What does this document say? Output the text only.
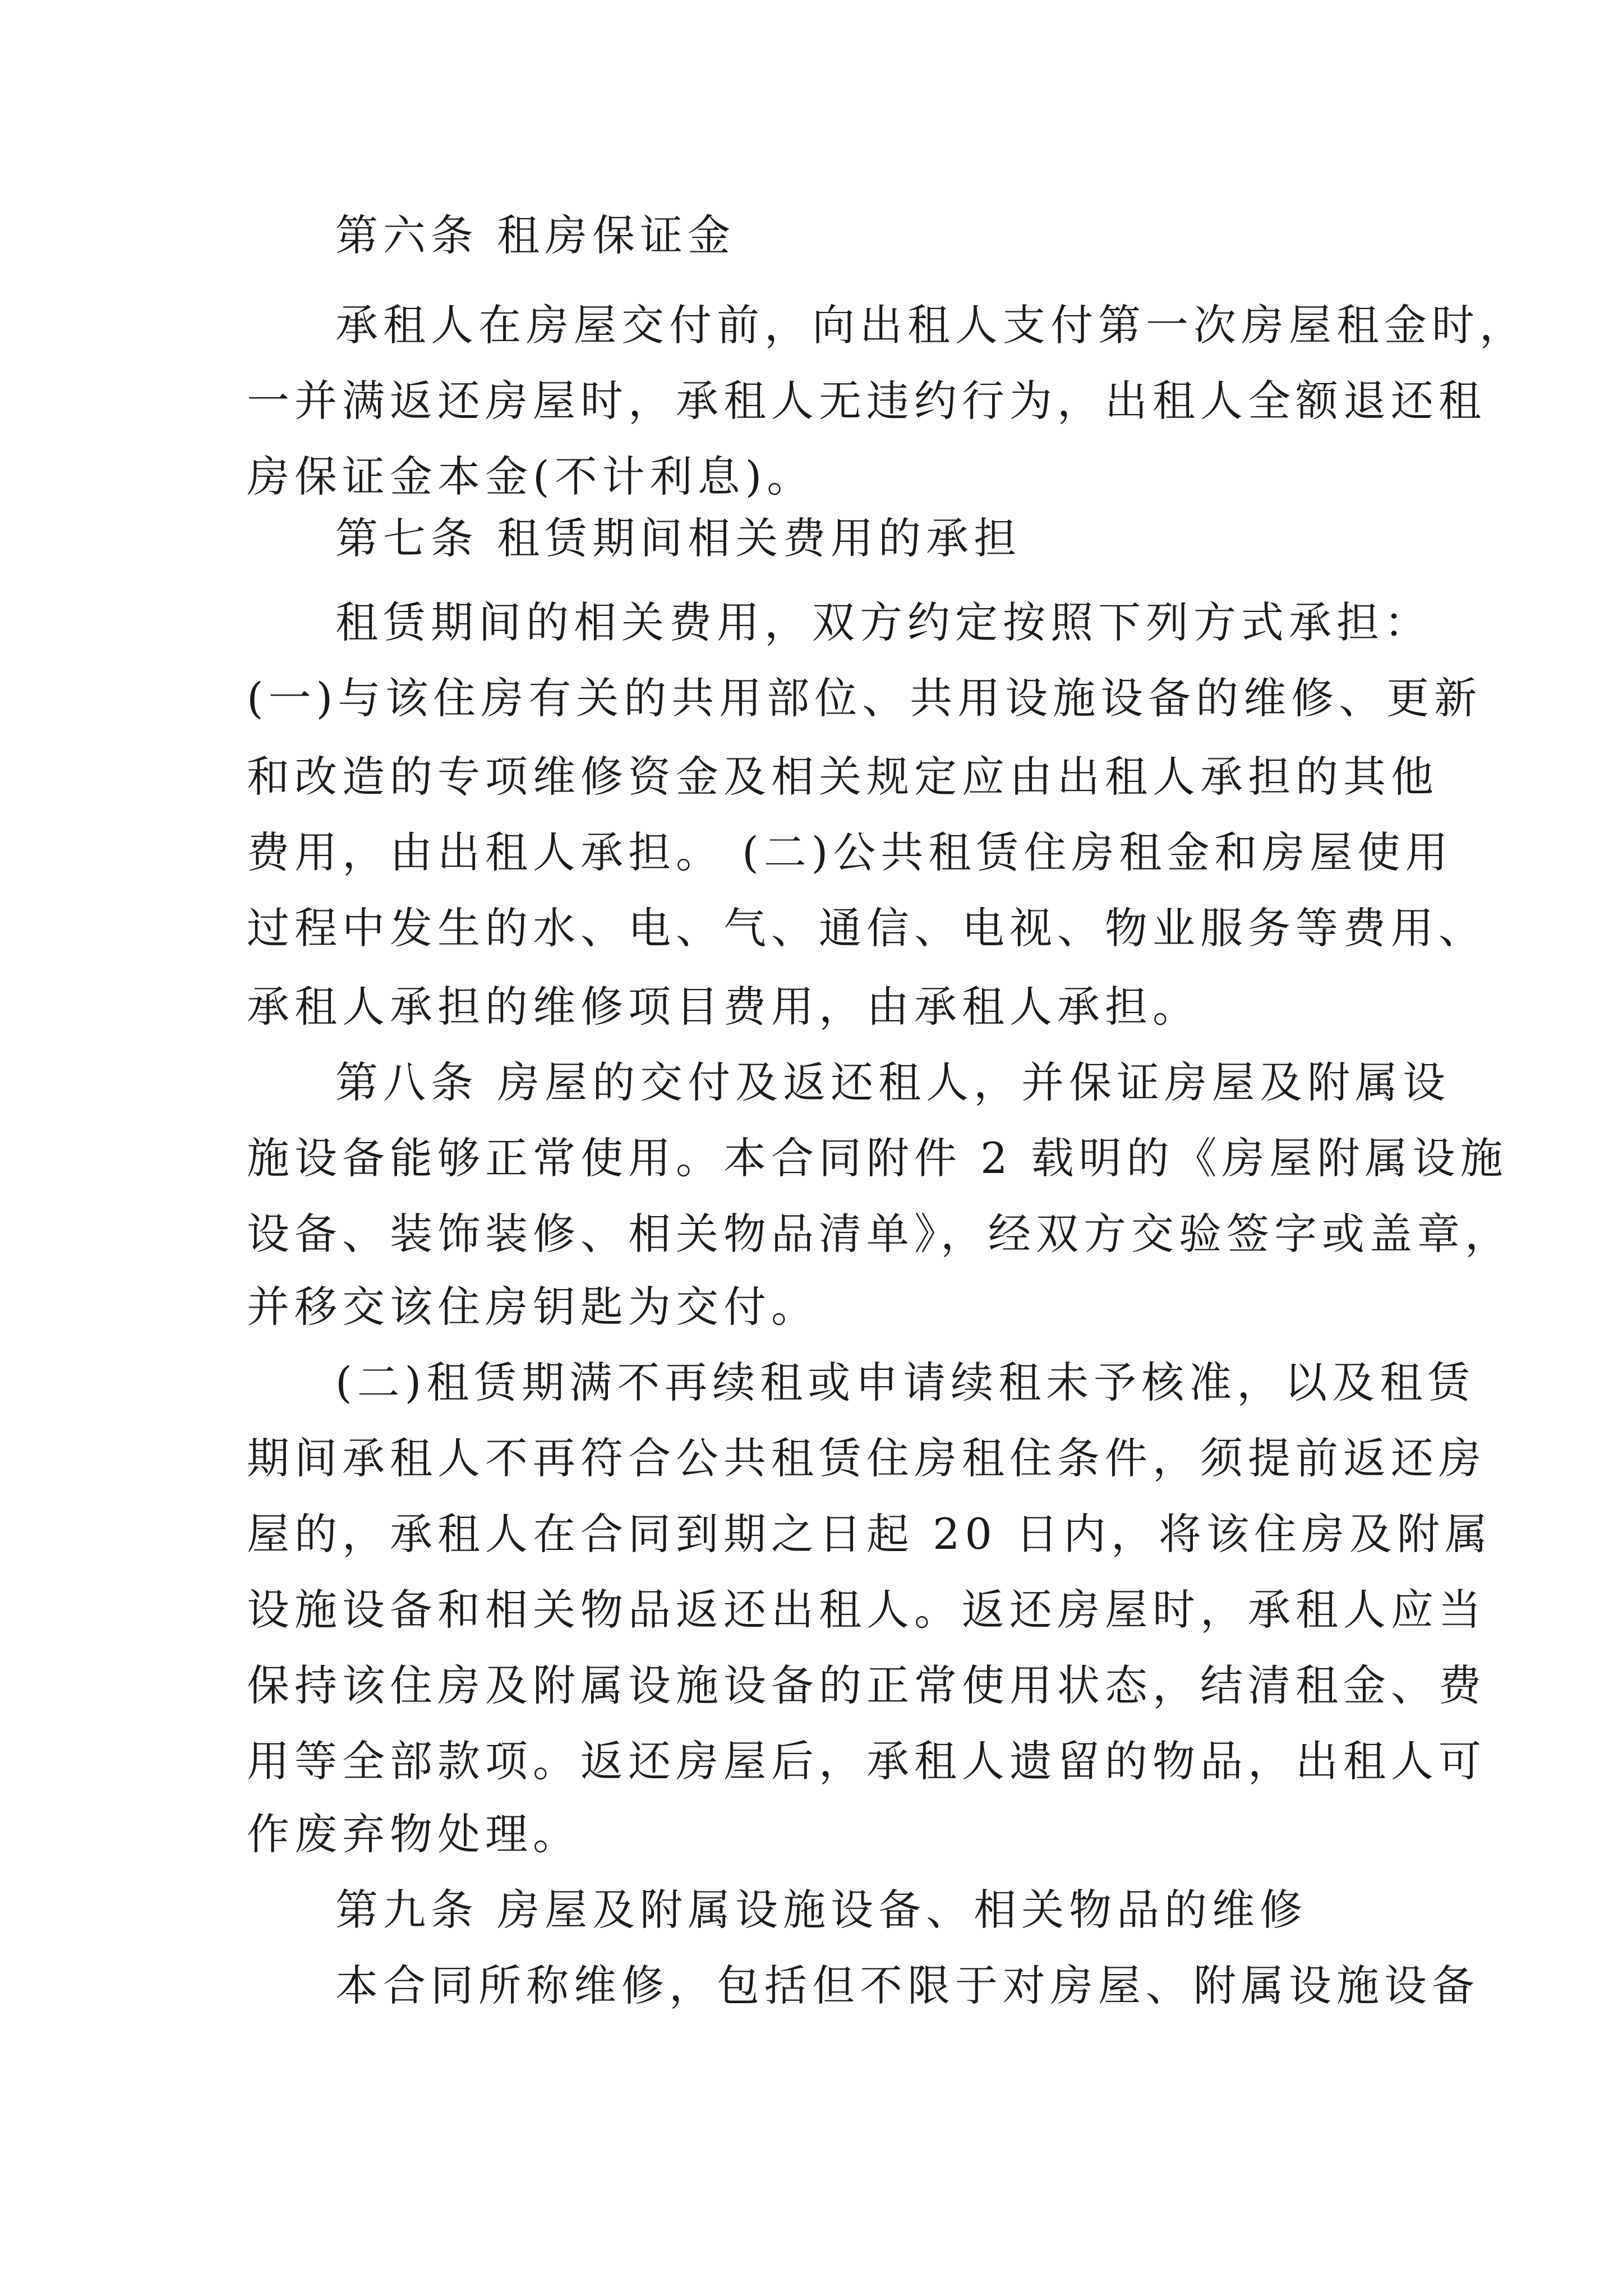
第六条 租房保证金
承租人在房屋交付前，向出租人支付第一次房屋租金时，
一并满返还房屋时，承租人无违约行为，出租人全额退还租
房保证金本金(不计利息)。
第七条 租赁期间相关费用的承担
租赁期间的相关费用，双方约定按照下列方式承担：
(一)与该住房有关的共用部位、共用设施设备的维修、更新
和改造的专项维修资金及相关规定应由出租人承担的其他
费用，由出租人承担。 (二)公共租赁住房租金和房屋使用
过程中发生的水、电、气、通信、电视、物业服务等费用、
承租人承担的维修项目费用，由承租人承担。
第八条 房屋的交付及返还租人，并保证房屋及附属设
施设备能够正常使用。本合同附件 2 载明的《房屋附属设施
设备、装饰装修、相关物品清单》，经双方交验签字或盖章，
并移交该住房钥匙为交付。
(二)租赁期满不再续租或申请续租未予核准，以及租赁
期间承租人不再符合公共租赁住房租住条件，须提前返还房
屋的，承租人在合同到期之日起 20 日内，将该住房及附属
设施设备和相关物品返还出租人。返还房屋时，承租人应当
保持该住房及附属设施设备的正常使用状态，结清租金、费
用等全部款项。返还房屋后，承租人遗留的物品，出租人可
作废弃物处理。
第九条 房屋及附属设施设备、相关物品的维修
本合同所称维修，包括但不限于对房屋、附属设施设备
